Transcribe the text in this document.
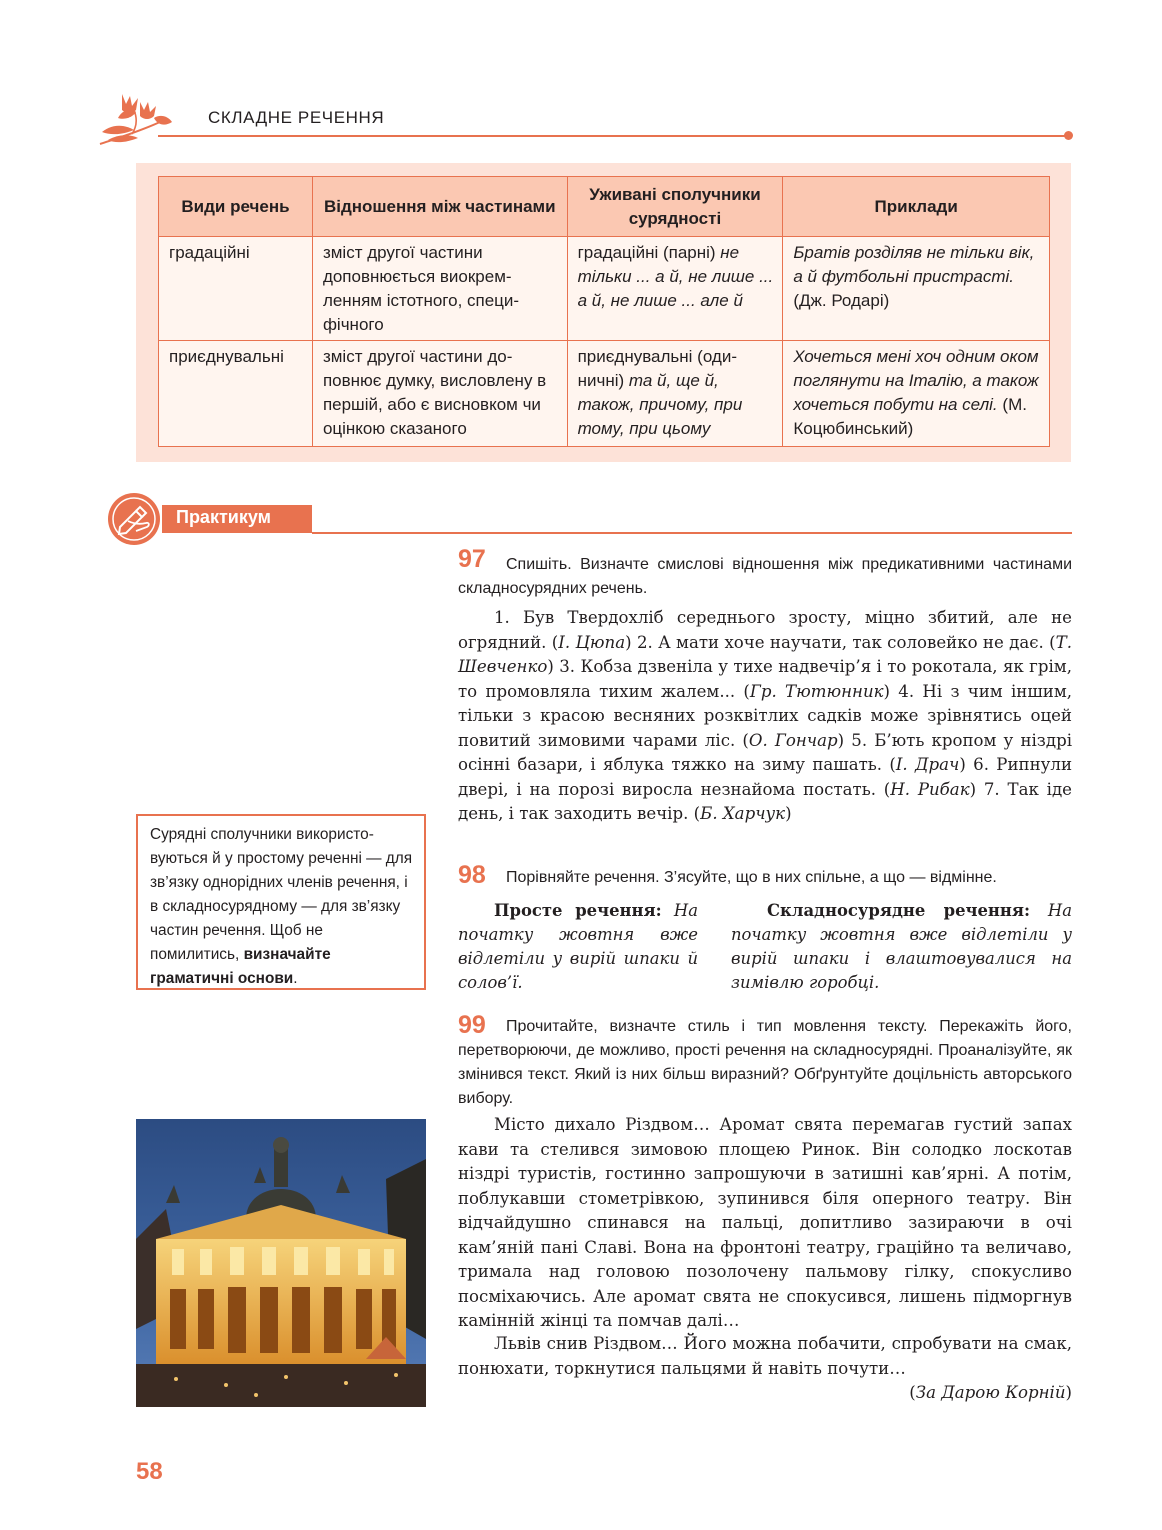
СКЛАДНЕ РЕЧЕННЯ
Види речень	Відношення між частинами	Уживані сполучники сурядності	Приклади
градаційні	зміст другої частини доповнюється виокремленням істотного, специфічного	градаційні (парні) не тільки ... а й, не лише ... а й, не лише ... але й	Братів розділяв не тільки вік, а й футбольні пристрасті. (Дж. Родарі)
приєднувальні	зміст другої частини доповнює думку, висловлену в першій, або є висновком чи оцінкою сказаного	приєднувальні (одиничні) та й, ще й, також, причому, при тому, при цьому	Хочеться мені хоч одним оком поглянути на Італію, а також хочеться побути на селі. (М. Коцюбинський)
Практикум
Сурядні сполучники використовуються й у простому реченні — для зв’язку однорідних членів речення, і в складносурядному — для зв’язку частин речення. Щоб не помилитись, визначайте граматичні основи.
97	Спишіть. Визначте смислові відношення між предикативними частинами складносурядних речень.
1. Був Твердохліб середнього зросту, міцно збитий, але не огрядний. (І. Цюпа) 2. А мати хоче научати, так соловейко не дає. (Т. Шевченко) 3. Кобза дзвеніла у тихе надвечір’я і то рокотала, як грім, то промовляла тихим жалем... (Гр. Тютюнник) 4. Ні з чим іншим, тільки з красою весняних розквітлих садків може зрівнятись оцей повитий зимовими чарами ліс. (О. Гончар) 5. Б’ють кропом у ніздрі осінні базари, і яблука тяжко на зиму пашать. (І. Драч) 6. Рипнули двері, і на порозі виросла незнайома постать. (Н. Рибак) 7. Так іде день, і так заходить вечір. (Б. Харчук)
98	Порівняйте речення. З’ясуйте, що в них спільне, а що — відмінне.
Просте речення: На початку жовтня вже відлетіли у вирій шпаки й солов’ї.
Складносурядне речення: На початку жовтня вже відлетіли у вирій шпаки і влаштовувалися на зимівлю горобці.
99	Прочитайте, визначте стиль і тип мовлення тексту. Перекажіть його, перетворюючи, де можливо, прості речення на складносурядні. Проаналізуйте, як змінився текст. Який із них більш виразний? Обґрунтуйте доцільність авторського вибору.
Місто дихало Різдвом… Аромат свята перемагав густий запах кави та стелився зимовою площею Ринок. Він солодко лоскотав ніздрі туристів, гостинно запрошуючи в затишні кав’ярні. А потім, поблукавши стометрівкою, зупинився біля оперного театру. Він відчайдушно спинався на пальці, допитливо зазираючи в очі кам’яній пані Славі. Вона на фронтоні театру, граційно та величаво, тримала над головою позолочену пальмову гілку, спокусливо посміхаючись. Але аромат свята не спокусився, лишень підморгнув камінній жінці та помчав далі…
Львів снив Різдвом… Його можна побачити, спробувати на смак, понюхати, торкнутися пальцями й навіть почути…
(За Дарою Корній)
58
